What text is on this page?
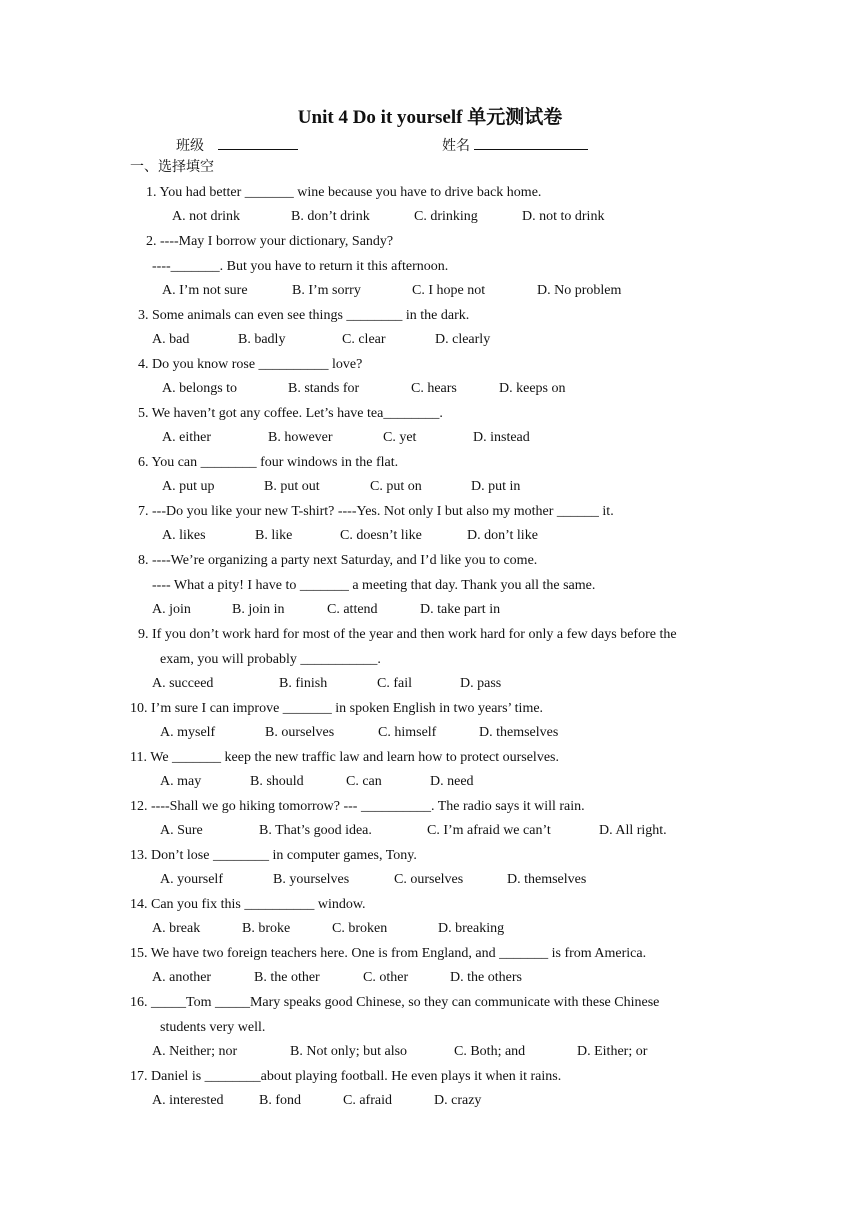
Unit 4 Do it yourself 单元测试卷
班级	姓名
一、选择填空
1. You had better _______ wine because you have to drive back home.
2. ----May I borrow your dictionary, Sandy?
----_______. But you have to return it this afternoon.
3. Some animals can even see things ________ in the dark.
4. Do you know rose __________ love?
5. We haven’t got any coffee. Let’s have tea________.
6. You can ________ four windows in the flat.
7. ---Do you like your new T-shirt? ----Yes. Not only I but also my mother ______ it.
8. ----We’re organizing a party next Saturday, and I’d like you to come.
---- What a pity! I have to _______ a meeting that day. Thank you all the same.
9. If you don’t work hard for most of the year and then work hard for only a few days before the
exam, you will probably ___________.
10. I’m sure I can improve _______ in spoken English in two years’ time.
11. We _______ keep the new traffic law and learn how to protect ourselves.
12. ----Shall we go hiking tomorrow? --- __________. The radio says it will rain.
13. Don’t lose ________ in computer games, Tony.
14. Can you fix this __________ window.
15. We have two foreign teachers here. One is from England, and _______ is from America.
16. _____Tom _____Mary speaks good Chinese, so they can communicate with these Chinese
students very well.
17. Daniel is ________about playing football. He even plays it when it rains.
A. not drink	B. don’t drink	C. drinking	D. not to drink
A. I’m not sure	B. I’m sorry	C. I hope not	D. No problem
A. bad	B. badly	C. clear	D. clearly
A. belongs to	B. stands for	C. hears	D. keeps on
A. either	B. however	C. yet	D. instead
A. put up	B. put out	C. put on	D. put in
A. likes	B. like	C. doesn’t like	D. don’t like
A. join	B. join in	C. attend	D. take part in
A. succeed	B. finish	C. fail	D. pass
A. myself	B. ourselves	C. himself	D. themselves
A. may	B. should	C. can	D. need
A. Sure	B. That’s good idea.	C. I’m afraid we can’t	D. All right.
A. yourself	B. yourselves	C. ourselves	D. themselves
A. break	B. broke	C. broken	D. breaking
A. another	B. the other	C. other	D. the others
A. Neither; nor	B. Not only; but also	C. Both; and	D. Either; or
A. interested	B. fond	C. afraid	D. crazy
